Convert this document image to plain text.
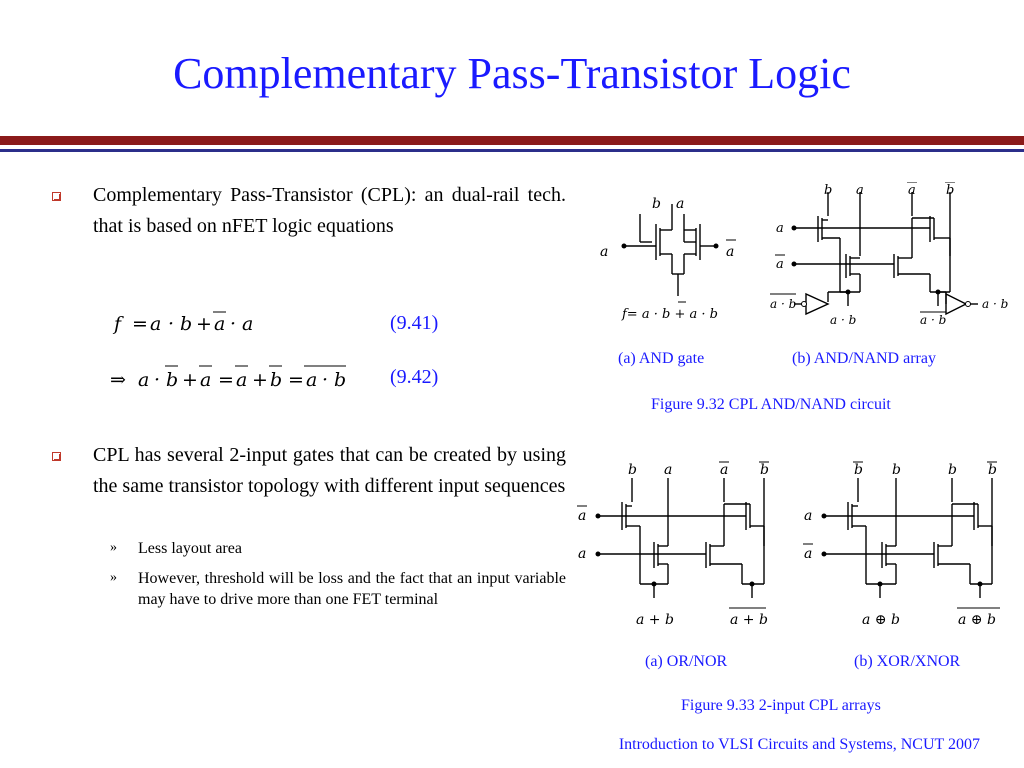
Complementary Pass-Transistor Logic
Complementary Pass-Transistor (CPL): an dual-rail tech. that is based on nFET logic equations
f = a · b + a · a	(9.41)
⇒ a · b + a = a + b = a · b (9.42)
CPL has several 2-input gates that can be created by using the same transistor topology with different input sequences
» Less layout area
» However, threshold will be loss and the fact that an input variable may have to drive more than one FET terminal
b a
a	a
f= a · b + a · b
b a	a b
a
a
a · b
a · b	a · b
a · b
(a) AND gate	(b) AND/NAND array
Figure 9.32 CPL AND/NAND circuit
b a	a b
a
a
a + b	a + b
b b	b b
a
a
a ⊕ b	a ⊕ b
(a) OR/NOR	(b) XOR/XNOR
Figure 9.33 2-input CPL arrays
Introduction to VLSI Circuits and Systems, NCUT 2007
